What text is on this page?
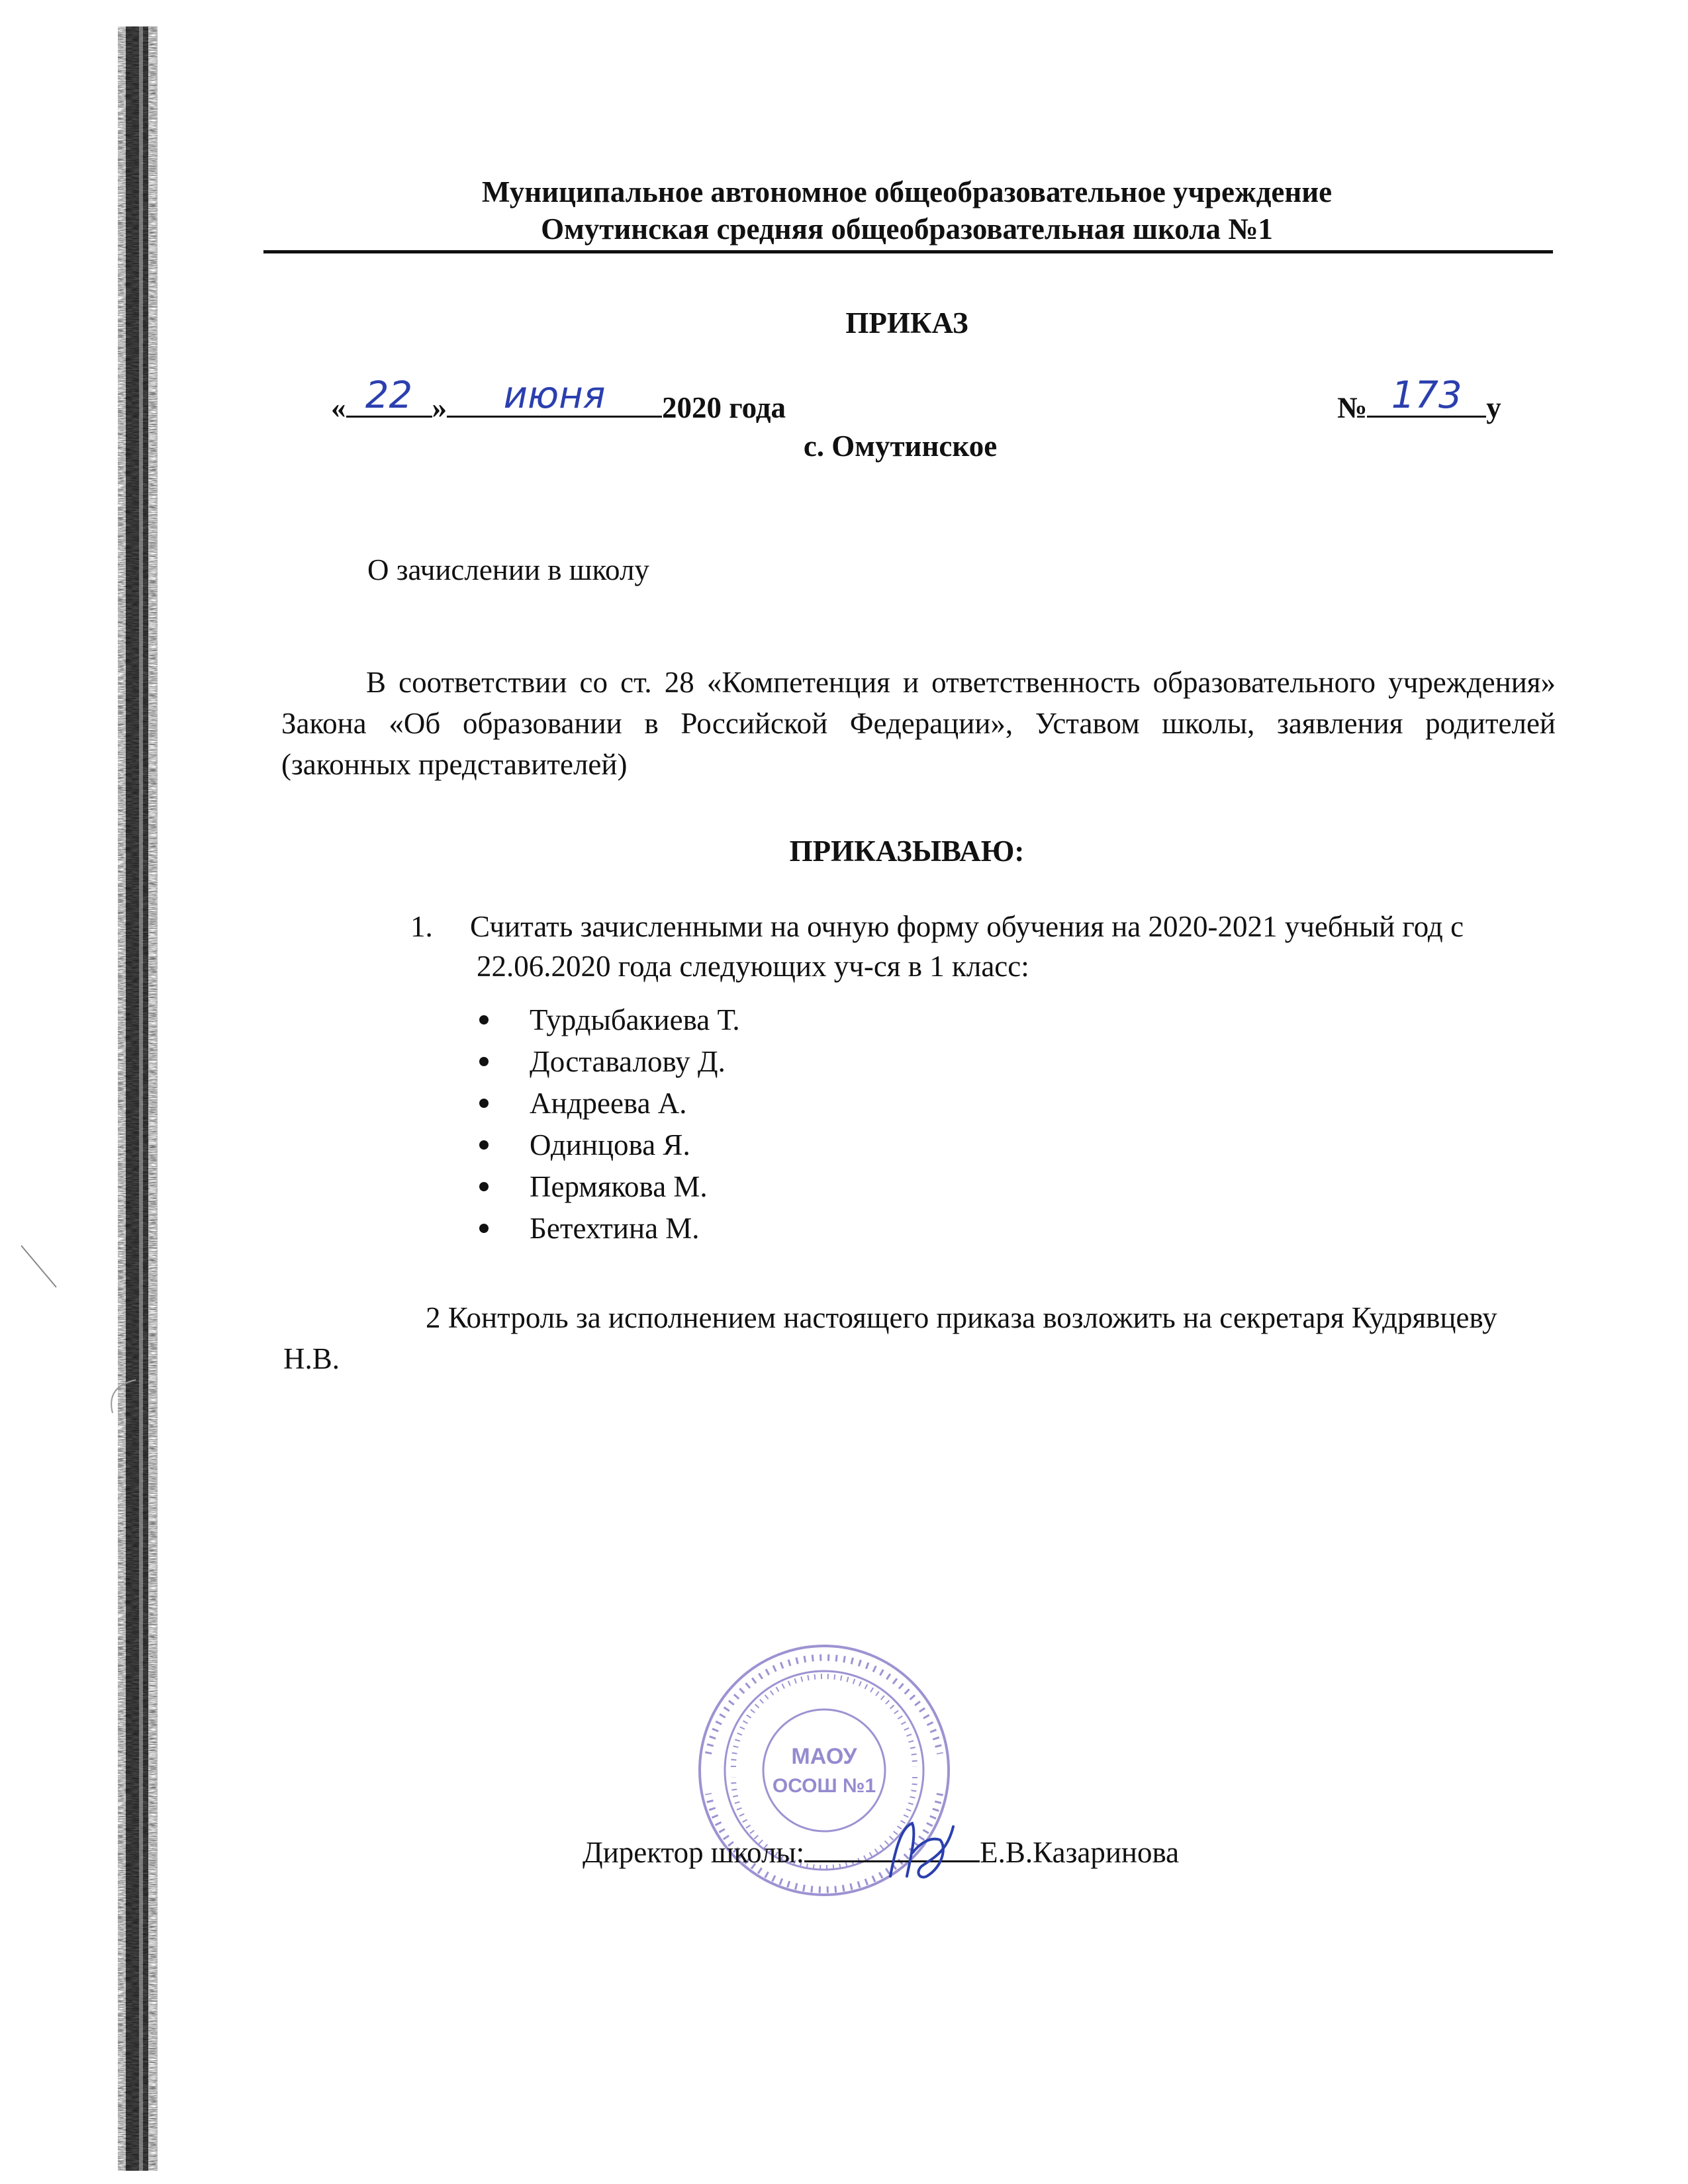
Муниципальное автономное общеобразовательное учреждение
Омутинская средняя общеобразовательная школа №1
ПРИКАЗ
« 22 »	июня	2020 года	№ 173 у
с. Омутинское
О зачислении в школу
В соответствии со ст. 28 «Компетенция и ответственность образовательного учреждения» Закона «Об образовании в Российской Федерации», Уставом школы, заявления родителей (законных представителей)
ПРИКАЗЫВАЮ:
1.	Считать зачисленными на очную форму обучения на 2020-2021 учебный год с 22.06.2020 года следующих уч-ся в 1 класс:
Турдыбакиева Т.
Доставалову Д.
Андреева А.
Одинцова Я.
Пермякова М.
Бетехтина М.
2 Контроль за исполнением настоящего приказа возложить на секретаря Кудрявцеву Н.В.
МАОУ
ОСОШ №1
Директор школы:	Е.В.Казаринова
